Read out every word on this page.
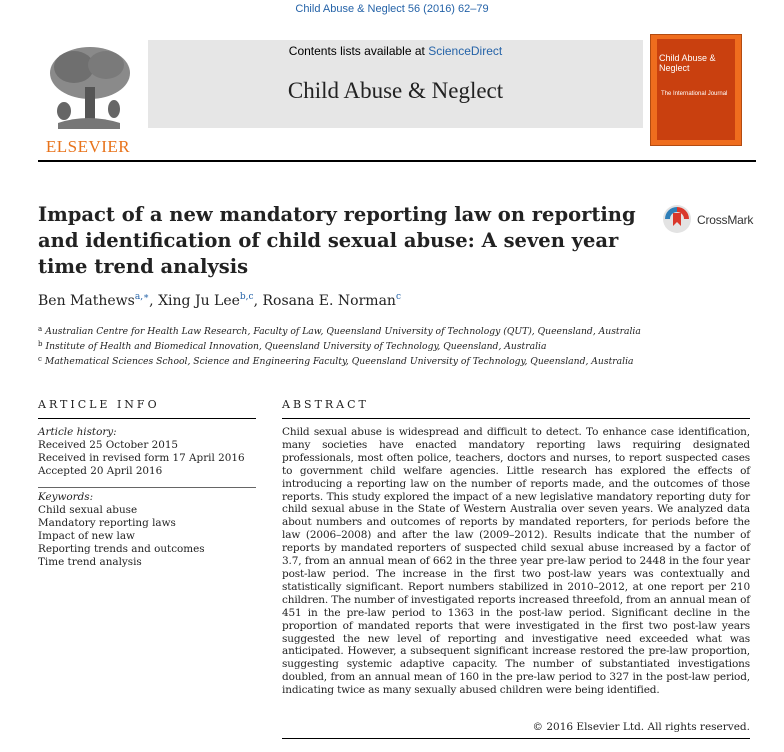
Child Abuse & Neglect 56 (2016) 62–79
ELSEVIER
Contents lists available at ScienceDirect
Child Abuse & Neglect
Child Abuse & Neglect
The International Journal
Impact of a new mandatory reporting law on reporting and identification of child sexual abuse: A seven year time trend analysis
CrossMark
Ben Mathews$^{a,∗}$, Xing Ju Lee$^{b,c}$, Rosana E. Norman$^c$
$^a$ Australian Centre for Health Law Research, Faculty of Law, Queensland University of Technology (QUT), Queensland, Australia
$^b$ Institute of Health and Biomedical Innovation, Queensland University of Technology, Queensland, Australia
$^c$ Mathematical Sciences School, Science and Engineering Faculty, Queensland University of Technology, Queensland, Australia
ARTICLE INFO	ABSTRACT
Article history:
Received 25 October 2015
Received in revised form 17 April 2016
Accepted 20 April 2016
Keywords:
Child sexual abuse
Mandatory reporting laws
Impact of new law
Reporting trends and outcomes
Time trend analysis

Child sexual abuse is widespread and difficult to detect. To enhance case identification, many societies have enacted mandatory reporting laws requiring designated professionals, most often police, teachers, doctors and nurses, to report suspected cases to government child welfare agencies. Little research has explored the effects of introducing a reporting law on the number of reports made, and the outcomes of those reports. This study explored the impact of a new legislative mandatory reporting duty for child sexual abuse in the State of Western Australia over seven years. We analyzed data about numbers and outcomes of reports by mandated reporters, for periods before the law (2006–2008) and after the law (2009–2012). Results indicate that the number of reports by mandated reporters of suspected child sexual abuse increased by a factor of 3.7, from an annual mean of 662 in the three year pre-law period to 2448 in the four year post-law period. The increase in the first two post-law years was contextually and statistically significant. Report numbers stabilized in 2010–2012, at one report per 210 children. The number of investigated reports increased threefold, from an annual mean of 451 in the pre-law period to 1363 in the post-law period. Significant decline in the proportion of mandated reports that were investigated in the first two post-law years suggested the new level of reporting and investigative need exceeded what was anticipated. However, a subsequent significant increase restored the pre-law proportion, suggesting systemic adaptive capacity. The number of substantiated investigations doubled, from an annual mean of 160 in the pre-law period to 327 in the post-law period, indicating twice as many sexually abused children were being identified.

© 2016 Elsevier Ltd. All rights reserved.
